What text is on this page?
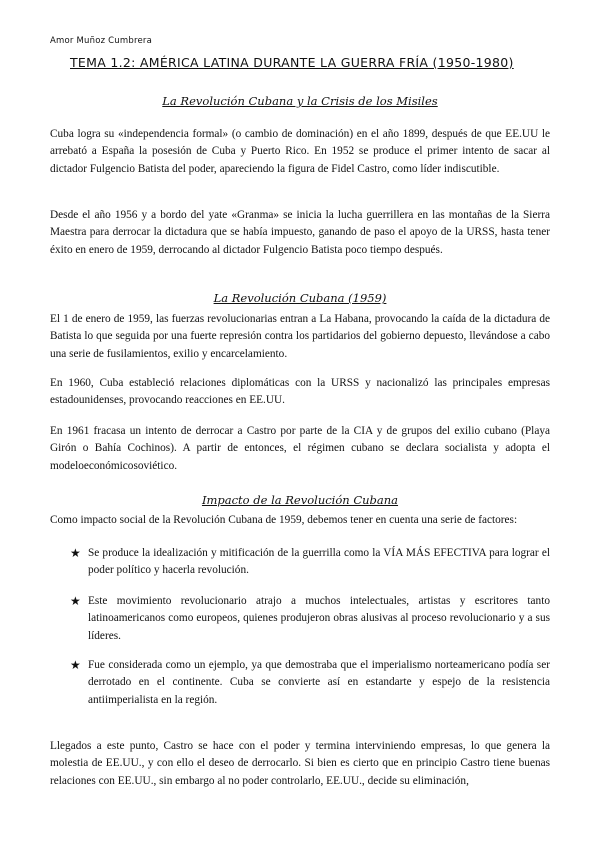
Amor Muñoz Cumbrera
TEMA 1.2: AMÉRICA LATINA DURANTE LA GUERRA FRÍA (1950-1980)
La Revolución Cubana y la Crisis de los Misiles

Cuba logra su «independencia formal» (o cambio de dominación) en el año 1899, después de que EE.UU le arrebató a España la posesión de Cuba y Puerto Rico. En 1952 se produce el primer intento de sacar al dictador Fulgencio Batista del poder, apareciendo la figura de Fidel Castro, como líder indiscutible.

Desde el año 1956 y a bordo del yate «Granma» se inicia la lucha guerrillera en las montañas de la Sierra Maestra para derrocar la dictadura que se había impuesto, ganando de paso el apoyo de la URSS, hasta tener éxito en enero de 1959, derrocando al dictador Fulgencio Batista poco tiempo después.

La Revolución Cubana (1959)

El 1 de enero de 1959, las fuerzas revolucionarias entran a La Habana, provocando la caída de la dictadura de Batista lo que seguida por una fuerte represión contra los partidarios del gobierno depuesto, llevándose a cabo una serie de fusilamientos, exilio y encarcelamiento.

En 1960, Cuba estableció relaciones diplomáticas con la URSS y nacionalizó las principales empresas estadounidenses, provocando reacciones en EE.UU.

En 1961 fracasa un intento de derrocar a Castro por parte de la CIA y de grupos del exilio cubano (Playa Girón o Bahía Cochinos). A partir de entonces, el régimen cubano se declara socialista y adopta el modeloeconómicosoviético.

Impacto de la Revolución Cubana

Como impacto social de la Revolución Cubana de 1959, debemos tener en cuenta una serie de factores:

★ Se produce la idealización y mitificación de la guerrilla como la VÍA MÁS EFECTIVA para lograr el poder político y hacerla revolución.

★ Este movimiento revolucionario atrajo a muchos intelectuales, artistas y escritores tanto latinoamericanos como europeos, quienes produjeron obras alusivas al proceso revolucionario y a sus líderes.

★ Fue considerada como un ejemplo, ya que demostraba que el imperialismo norteamericano podía ser derrotado en el continente. Cuba se convierte así en estandarte y espejo de la resistencia antiimperialista en la región.

Llegados a este punto, Castro se hace con el poder y termina interviniendo empresas, lo que genera la molestia de EE.UU., y con ello el deseo de derrocarlo. Si bien es cierto que en principio Castro tiene buenas relaciones con EE.UU., sin embargo al no poder controlarlo, EE.UU., decide su eliminación,
